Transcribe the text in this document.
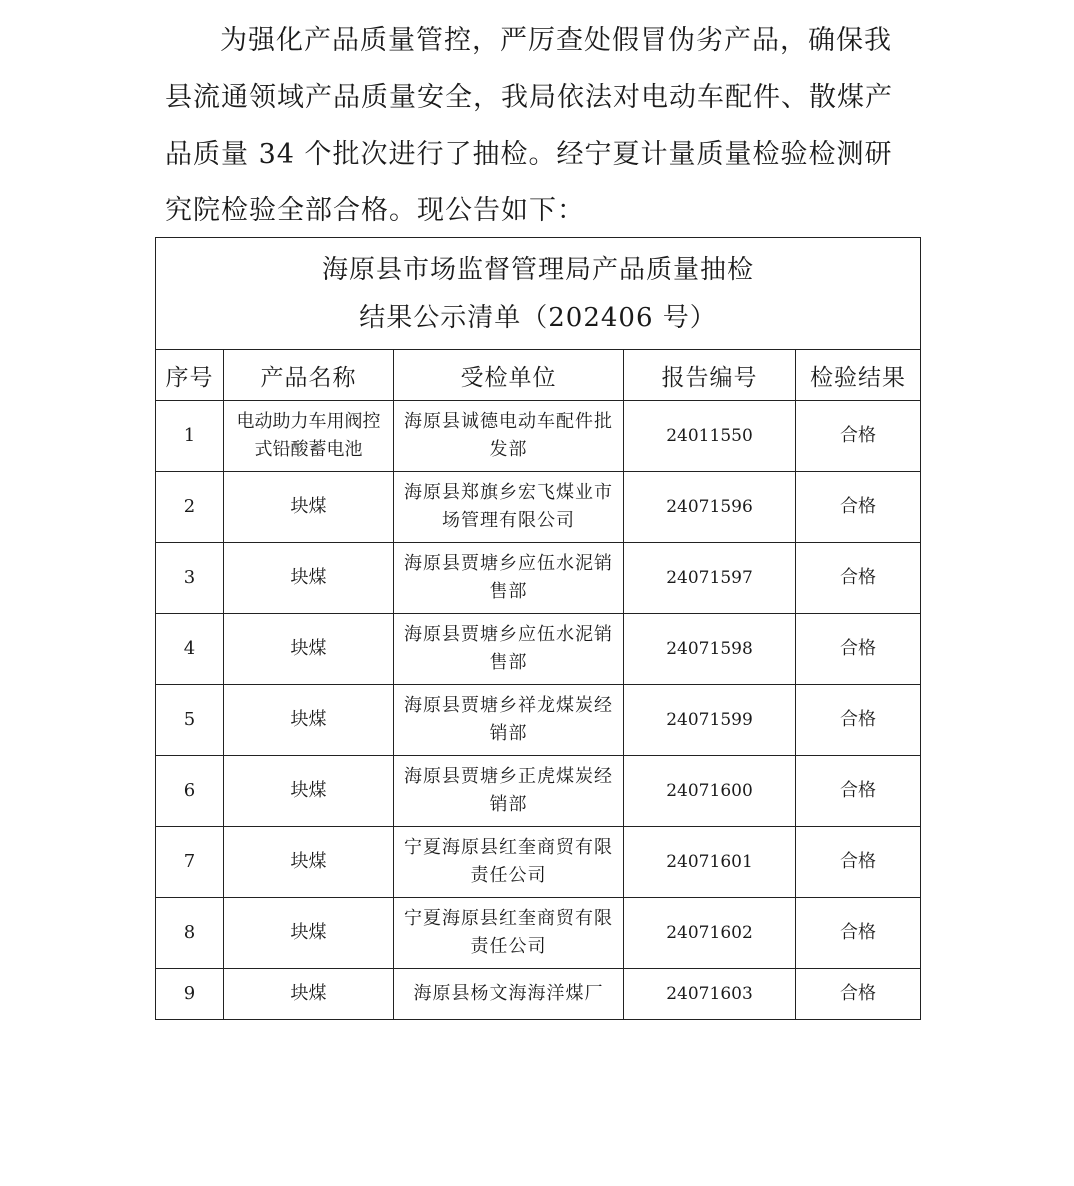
为强化产品质量管控，严厉查处假冒伪劣产品，确保我
县流通领域产品质量安全，我局依法对电动车配件、散煤产
品质量 34 个批次进行了抽检。经宁夏计量质量检验检测研
究院检验全部合格。现公告如下：
海原县市场监督管理局产品质量抽检
结果公示清单（202406 号）				

序号	产品名称	受检单位	报告编号	检验结果
1	电动助力车用阀控式铅酸蓄电池	海原县诚德电动车配件批发部	24011550	合格
2	块煤	海原县郑旗乡宏飞煤业市场管理有限公司	24071596	合格
3	块煤	海原县贾塘乡应伍水泥销售部	24071597	合格
4	块煤	海原县贾塘乡应伍水泥销售部	24071598	合格
5	块煤	海原县贾塘乡祥龙煤炭经销部	24071599	合格
6	块煤	海原县贾塘乡正虎煤炭经销部	24071600	合格
7	块煤	宁夏海原县红奎商贸有限责任公司	24071601	合格
8	块煤	宁夏海原县红奎商贸有限责任公司	24071602	合格
9	块煤	海原县杨文海海洋煤厂	24071603	合格
